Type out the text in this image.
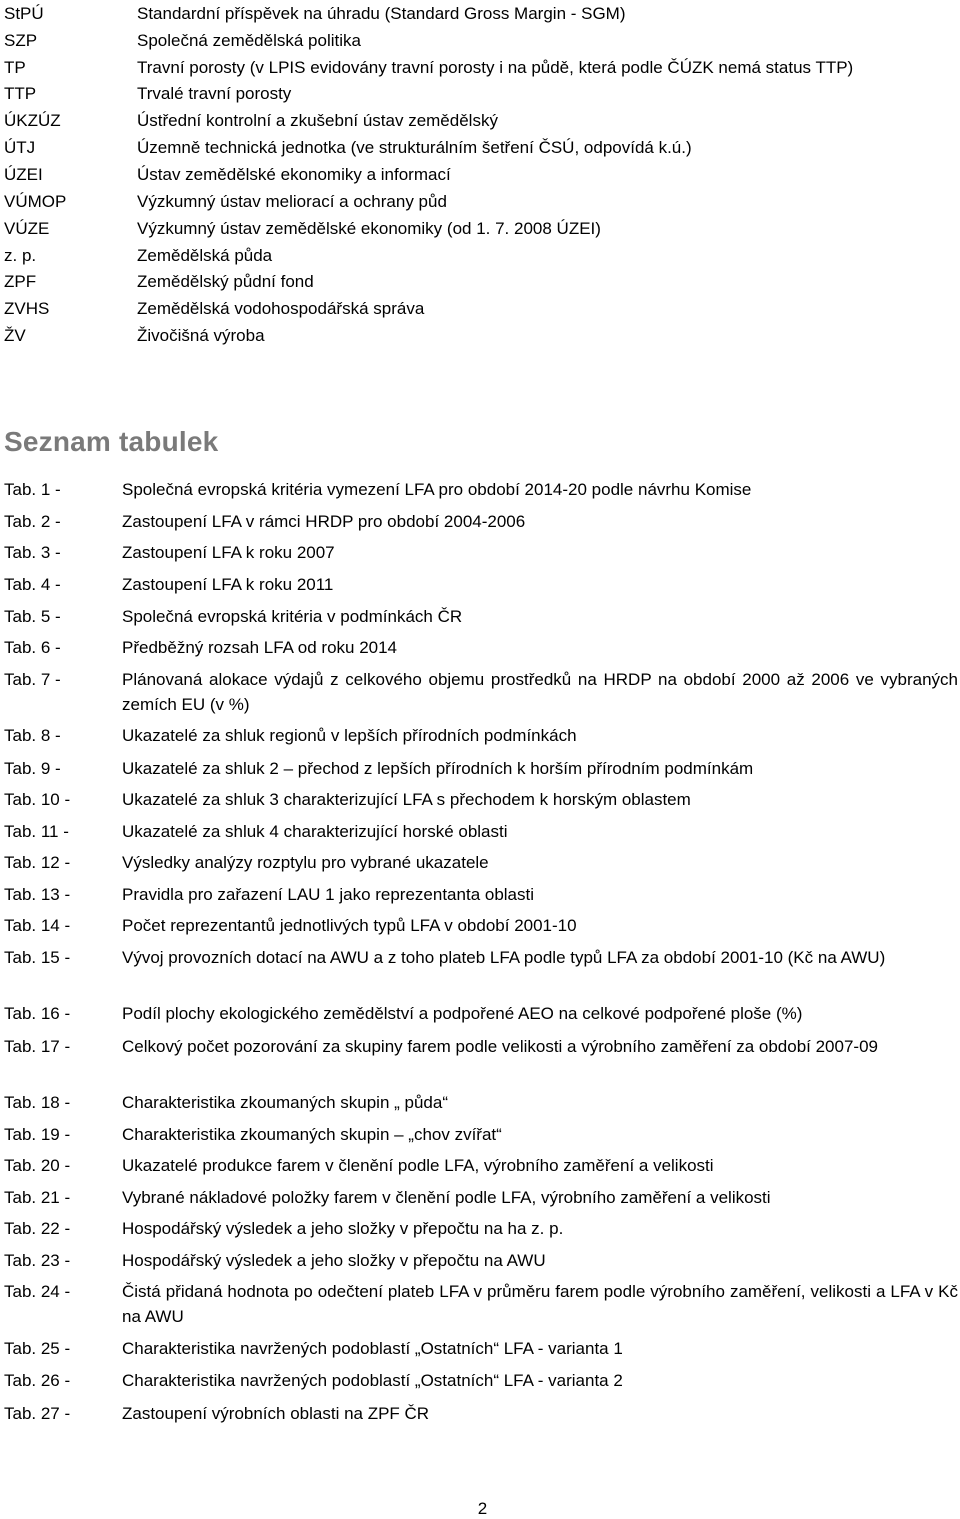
StPÚ	Standardní příspěvek na úhradu (Standard Gross Margin - SGM)
SZP	Společná zemědělská politika
TP	Travní porosty (v LPIS evidovány travní porosty i na půdě, která podle ČÚZK nemá status TTP)
TTP	Trvalé travní porosty
ÚKZÚZ	Ústřední kontrolní a zkušební ústav zemědělský
ÚTJ	Územně technická jednotka (ve strukturálním šetření ČSÚ, odpovídá k.ú.)
ÚZEI	Ústav zemědělské ekonomiky a informací
VÚMOP	Výzkumný ústav meliorací a ochrany půd
VÚZE	Výzkumný ústav zemědělské ekonomiky (od 1. 7. 2008 ÚZEI)
z. p.	Zemědělská půda
ZPF	Zemědělský půdní fond
ZVHS	Zemědělská vodohospodářská správa
ŽV	Živočišná výroba
Seznam tabulek
Tab. 1 -	Společná evropská kritéria vymezení LFA pro období 2014-20 podle návrhu Komise
Tab. 2 -	Zastoupení LFA v rámci HRDP pro období 2004-2006
Tab. 3 -	Zastoupení LFA k roku 2007
Tab. 4 -	Zastoupení LFA k roku 2011
Tab. 5 -	Společná evropská kritéria v podmínkách ČR
Tab. 6 -	Předběžný rozsah LFA od roku 2014
Tab. 7 -	Plánovaná alokace výdajů z celkového objemu prostředků na HRDP na období 2000 až 2006 ve vybraných zemích EU (v %)
Tab. 8 -	Ukazatelé za shluk regionů v lepších přírodních podmínkách
Tab. 9 -	Ukazatelé za shluk 2 – přechod z lepších přírodních k horším přírodním podmínkám
Tab. 10 -	Ukazatelé za shluk 3 charakterizující LFA s přechodem k horským oblastem
Tab. 11 -	Ukazatelé za shluk 4 charakterizující horské oblasti
Tab. 12 -	Výsledky analýzy rozptylu pro vybrané ukazatele
Tab. 13 -	Pravidla pro zařazení LAU 1 jako reprezentanta oblasti
Tab. 14 -	Počet reprezentantů jednotlivých typů LFA v období 2001-10
Tab. 15 -	Vývoj provozních dotací na AWU a z toho plateb LFA podle typů LFA za období 2001-10 (Kč na AWU)
Tab. 16 -	Podíl plochy ekologického zemědělství a podpořené AEO na celkové podpořené ploše (%)
Tab. 17 -	Celkový počet pozorování za skupiny farem podle velikosti a výrobního zaměření za období 2007-09
Tab. 18 -	Charakteristika zkoumaných skupin „ půda“
Tab. 19 -	Charakteristika zkoumaných skupin – „chov zvířat“
Tab. 20 -	Ukazatelé produkce farem v členění podle LFA, výrobního zaměření a velikosti
Tab. 21 -	Vybrané nákladové položky farem v členění podle LFA, výrobního zaměření a velikosti
Tab. 22 -	Hospodářský výsledek a jeho složky v přepočtu na ha z. p.
Tab. 23 -	Hospodářský výsledek a jeho složky v přepočtu na AWU
Tab. 24 -	Čistá přidaná hodnota po odečtení plateb LFA v průměru farem podle výrobního zaměření, velikosti a LFA v Kč na AWU
Tab. 25 -	Charakteristika navržených podoblastí „Ostatních“ LFA - varianta 1
Tab. 26 -	Charakteristika navržených podoblastí „Ostatních“ LFA - varianta 2
Tab. 27 -	Zastoupení výrobních oblasti na ZPF ČR
2
